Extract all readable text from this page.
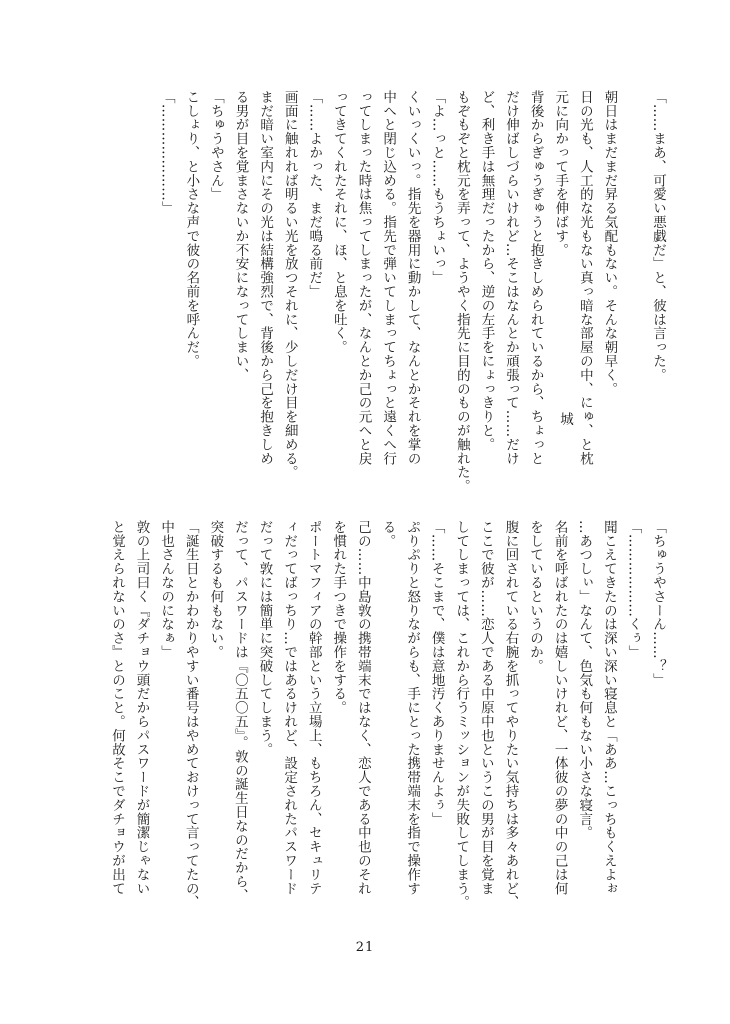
「……まあ、可愛い悪戯だ」と、彼は言った。
朝日はまだまだ昇る気配もない。そんな朝早く。
日の光も、人工的な光もない真っ暗な部屋の中、にゅ、と枕
元に向かって手を伸ばす。
背後からぎゅうぎゅうと抱きしめられているから、ちょっと
だけ伸ばしづらいけれど…そこはなんとか頑張って……だけ
ど、利き手は無理だったから、逆の左手をにょっきりと。
もぞもぞと枕元を弄って、ようやく指先に目的のものが触れた。
「よ…っと……もうちょいっ」
くいっくいっ。指先を器用に動かして、なんとかそれを掌の
中へと閉じ込める。指先で弾いてしまってちょっと遠くへ行
ってしまった時は焦ってしまったが、なんとか己の元へと戻
ってきてくれたそれに、ほ、と息を吐く。
「……よかった、まだ鳴る前だ」
画面に触れれば明るい光を放つそれに、少しだけ目を細める。
まだ暗い室内にその光は結構強烈で、背後から己を抱きしめ
る男が目を覚まさないか不安になってしまい、
「ちゅうやさん」
こしょり、と小さな声で彼の名前を呼んだ。
「…………………」
城
「ちゅうやさーん……？」
「………………くぅ」
聞こえてきたのは深い深い寝息と「ああ…こっちもくえよぉ
…あつしぃ」なんて、色気も何もない小さな寝言。
名前を呼ばれたのは嬉しいけれど、一体彼の夢の中の己は何
をしているというのか。
腹に回されている右腕を抓ってやりたい気持ちは多々あれど、
ここで彼が……恋人である中原中也というこの男が目を覚ま
してしまっては、これから行うミッションが失敗してしまう。
「……そこまで、僕は意地汚くありませんよぅ」
ぷりぷりと怒りながらも、手にとった携帯端末を指で操作す
る。
己の……中島敦の携帯端末ではなく、恋人である中也のそれ
を慣れた手つきで操作をする。
ポートマフィアの幹部という立場上、もちろん、セキュリテ
ィだってばっちり…ではあるけれど、設定されたパスワード
だって敦には簡単に突破してしまう。
だって、パスワードは『〇五〇五』。敦の誕生日なのだから、
突破するも何もない。
「誕生日とかわかりやすい番号はやめておけって言ってたの、
中也さんなのになぁ」
敦の上司曰く『ダチョウ頭だからパスワードが簡潔じゃない
と覚えられないのさ』とのこと。何故そこでダチョウが出て
21
